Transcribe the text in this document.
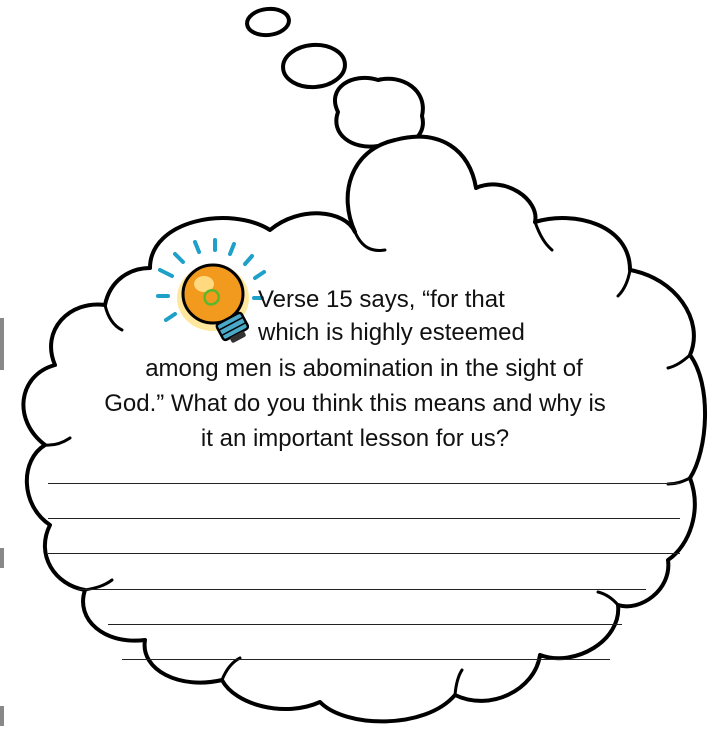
Verse 15 says, “for that
which is highly esteemed
among men is abomination in the sight of
God.” What do you think this means and why is
it an important lesson for us?
